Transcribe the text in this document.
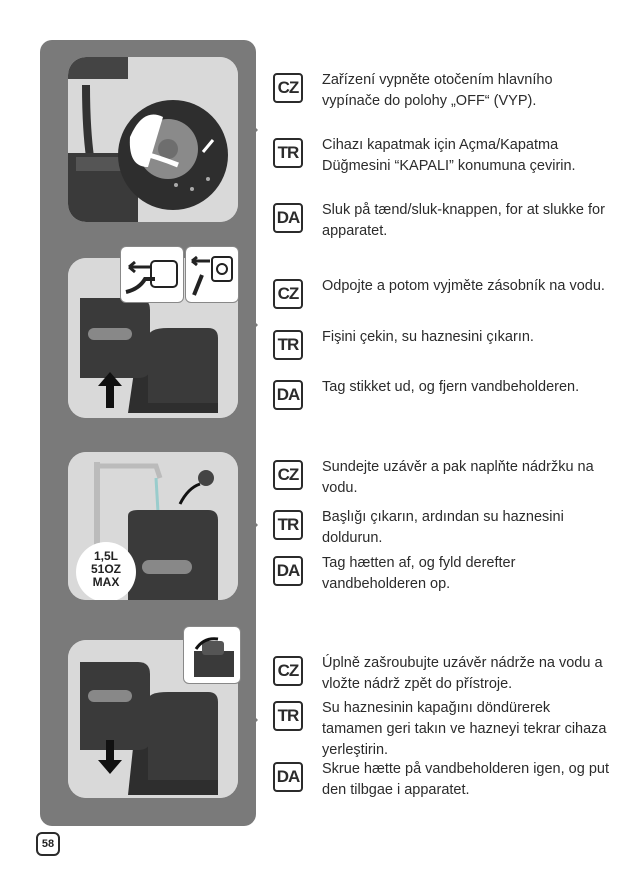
1,5L
51OZ
MAX
CZ	Zařízení vypněte otočením hlavního vypínače do polohy „OFF“ (VYP).
TR	Cihazı kapatmak için Açma/Kapatma Düğmesini “KAPALI” konumuna çevirin.
DA Sluk på tænd/sluk-knappen, for at slukke for apparatet.
CZ	Odpojte a potom vyjměte zásobník na vodu.
TR	Fişini çekin, su haznesini çıkarın.
DA Tag stikket ud, og fjern vandbeholderen.
CZ	Sundejte uzávěr a pak naplňte nádržku na vodu.
TR	Başlığı çıkarın, ardından su haznesini doldurun.
DA Tag hætten af, og fyld derefter vandbeholderen op.
CZ	Úplně zašroubujte uzávěr nádrže na vodu a vložte nádrž zpět do přístroje.
TR	Su haznesinin kapağını döndürerek tamamen geri takın ve hazneyi tekrar cihaza yerleştirin.
DA Skrue hætte på vandbeholderen igen, og put den tilbgae i apparatet.
58
